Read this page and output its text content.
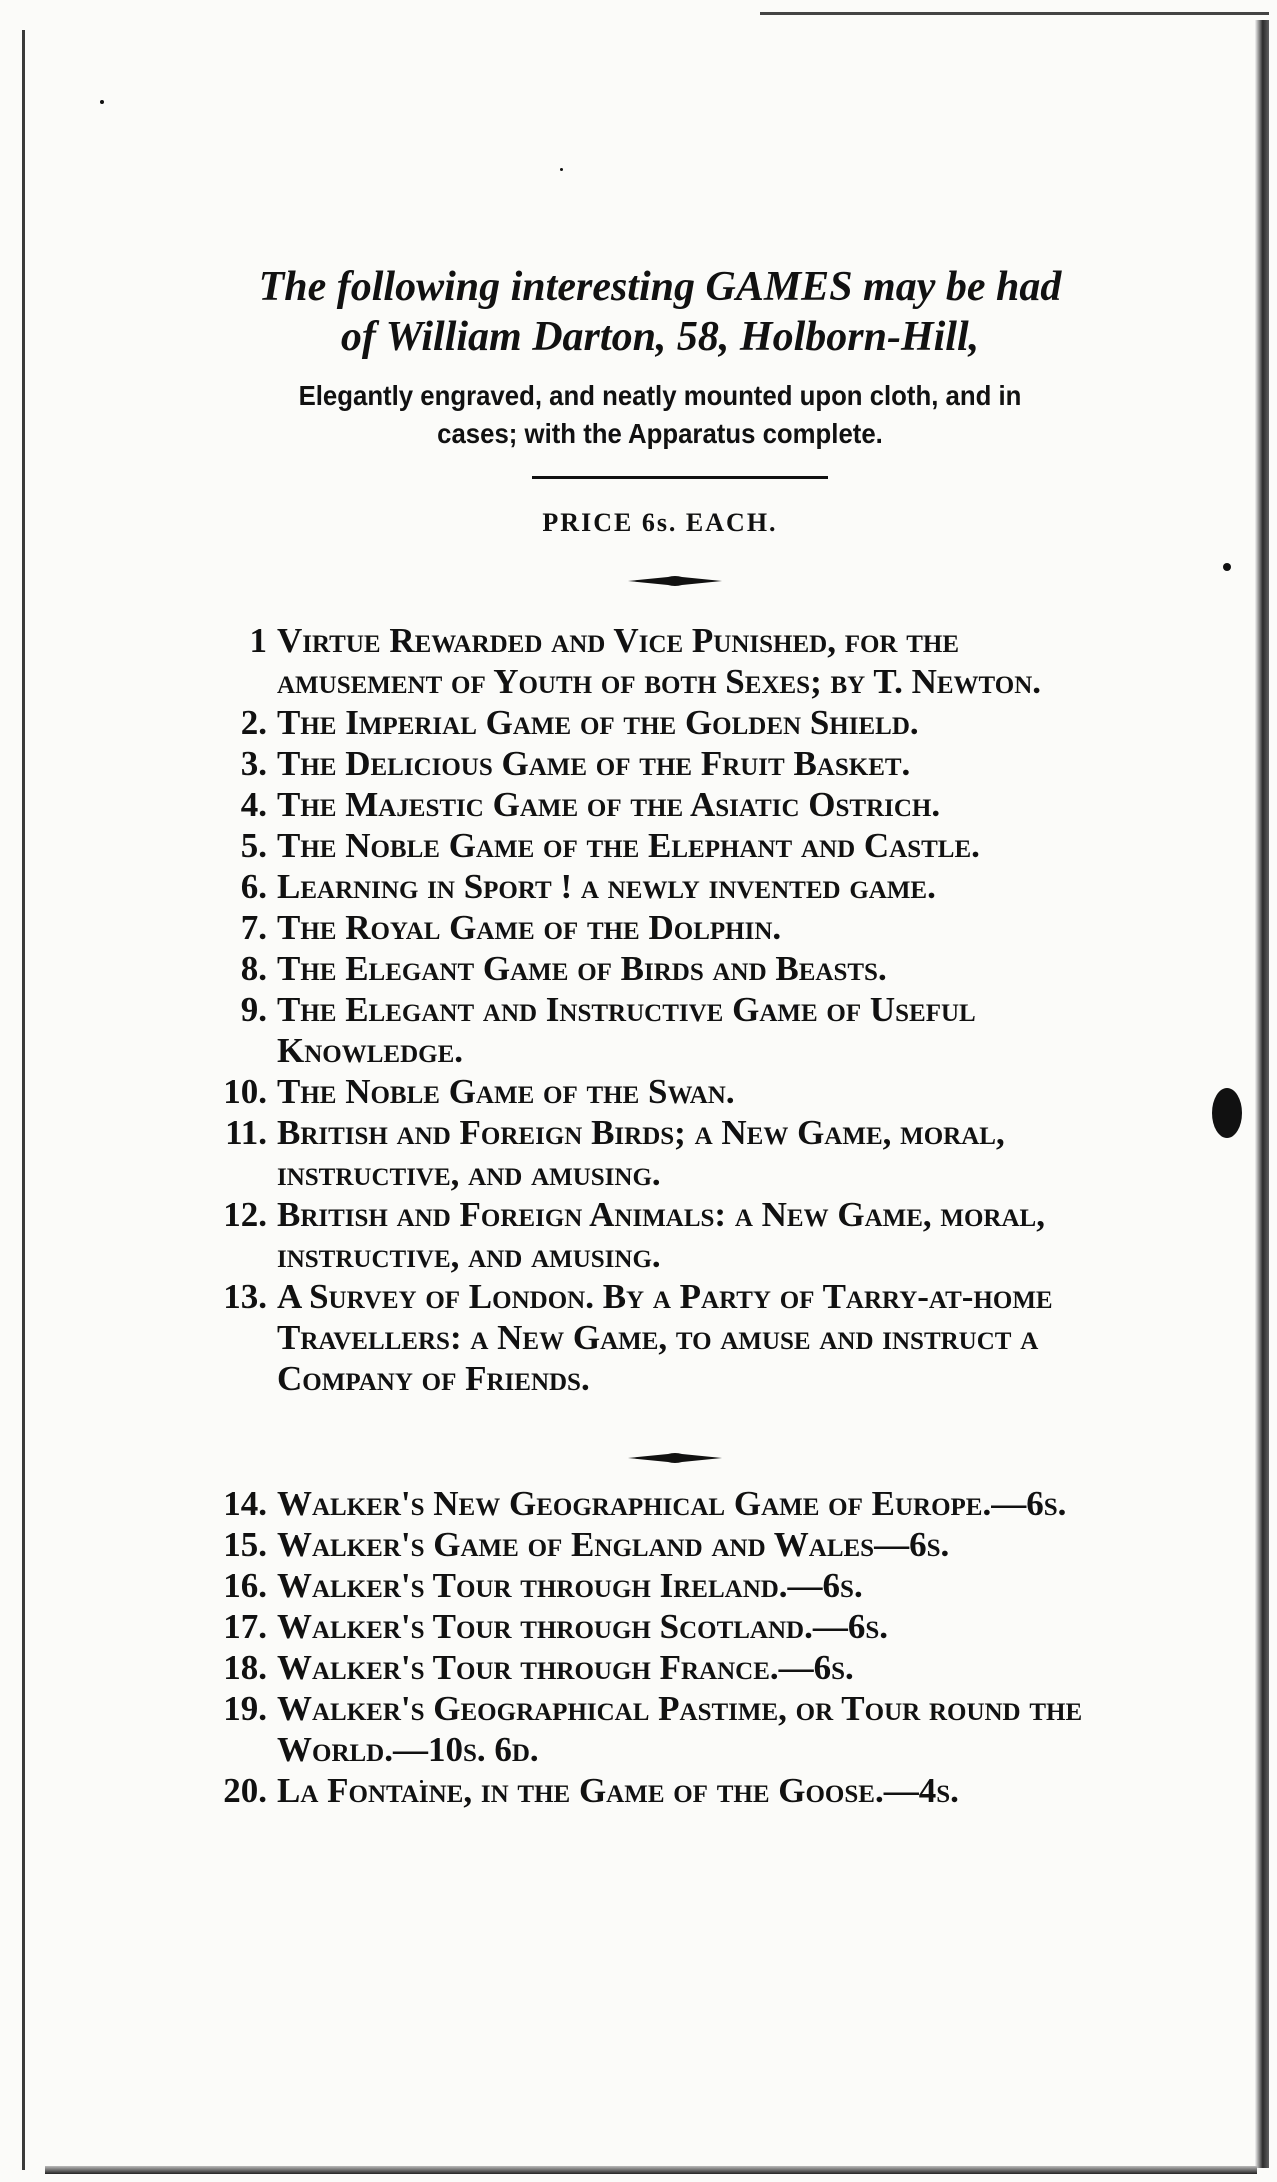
The following interesting GAMES may be had
of William Darton, 58, Holborn-Hill,
Elegantly engraved, and neatly mounted upon cloth, and in
cases; with the Apparatus complete.
PRICE 6s. EACH.
1 Virtue Rewarded and Vice Punished, for the amusement of Youth of both Sexes; by T. Newton.
2. The Imperial Game of the Golden Shield.
3. The Delicious Game of the Fruit Basket.
4. The Majestic Game of the Asiatic Ostrich.
5. The Noble Game of the Elephant and Castle.
6. Learning in Sport ! a newly invented game.
7. The Royal Game of the Dolphin.
8. The Elegant Game of Birds and Beasts.
9. The Elegant and Instructive Game of Useful Knowledge.
10. The Noble Game of the Swan.
11. British and Foreign Birds; a New Game, moral, instructive, and amusing.
12. British and Foreign Animals: a New Game, moral, instructive, and amusing.
13. A Survey of London. By a Party of Tarry-at-home Travellers: a New Game, to amuse and instruct a Company of Friends.
14. Walker's New Geographical Game of Europe.—6s.
15. Walker's Game of England and Wales—6s.
16. Walker's Tour through Ireland.—6s.
17. Walker's Tour through Scotland.—6s.
18. Walker's Tour through France.—6s.
19. Walker's Geographical Pastime, or Tour round the World.—10s. 6d.
20. La Fontaine, in the Game of the Goose.—4s.
